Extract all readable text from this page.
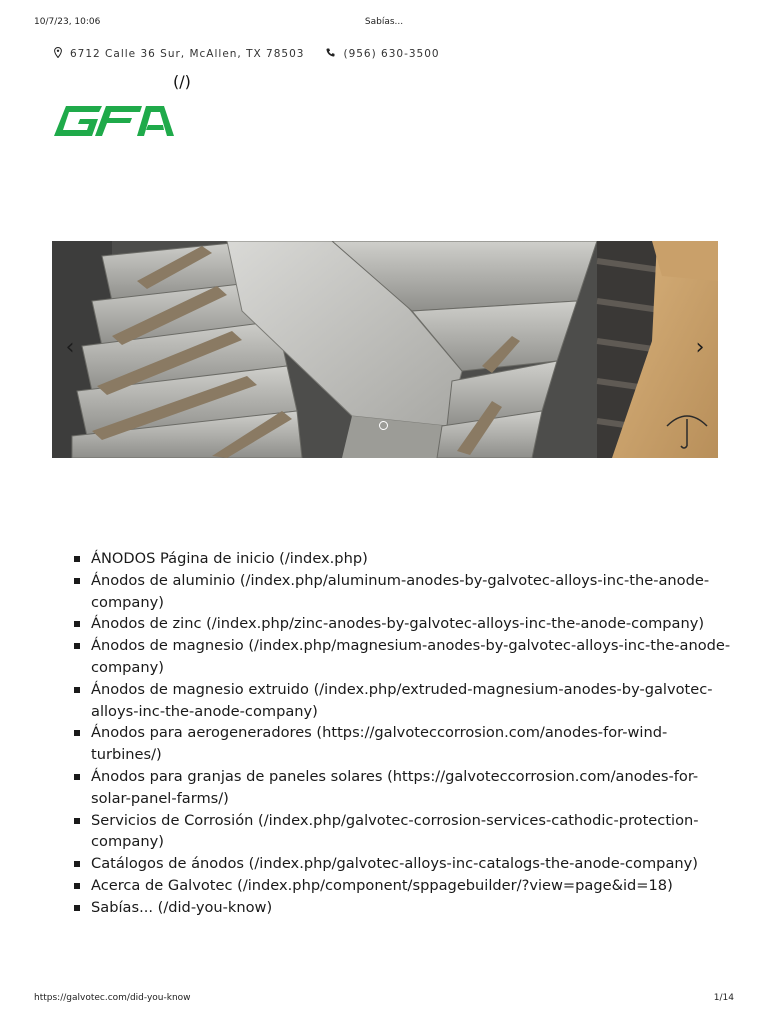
10/7/23, 10:06	Sabías...
6712 Calle 36 Sur, McAllen, TX 78503	(956) 630-3500
(/)
‹	›
ÁNODOS Página de inicio (/index.php)
Ánodos de aluminio (/index.php/aluminum-anodes-by-galvotec-alloys-inc-the-anode-company)
Ánodos de zinc (/index.php/zinc-anodes-by-galvotec-alloys-inc-the-anode-company)
Ánodos de magnesio (/index.php/magnesium-anodes-by-galvotec-alloys-inc-the-anode-company)
Ánodos de magnesio extruido (/index.php/extruded-magnesium-anodes-by-galvotec-alloys-inc-the-anode-company)
Ánodos para aerogeneradores (https://galvoteccorrosion.com/anodes-for-wind-turbines/)
Ánodos para granjas de paneles solares (https://galvoteccorrosion.com/anodes-for-solar-panel-farms/)
Servicios de Corrosión (/index.php/galvotec-corrosion-services-cathodic-protection-company)
Catálogos de ánodos (/index.php/galvotec-alloys-inc-catalogs-the-anode-company)
Acerca de Galvotec (/index.php/component/sppagebuilder/?view=page&id=18)
Sabías... (/did-you-know)
https://galvotec.com/did-you-know	1/14
